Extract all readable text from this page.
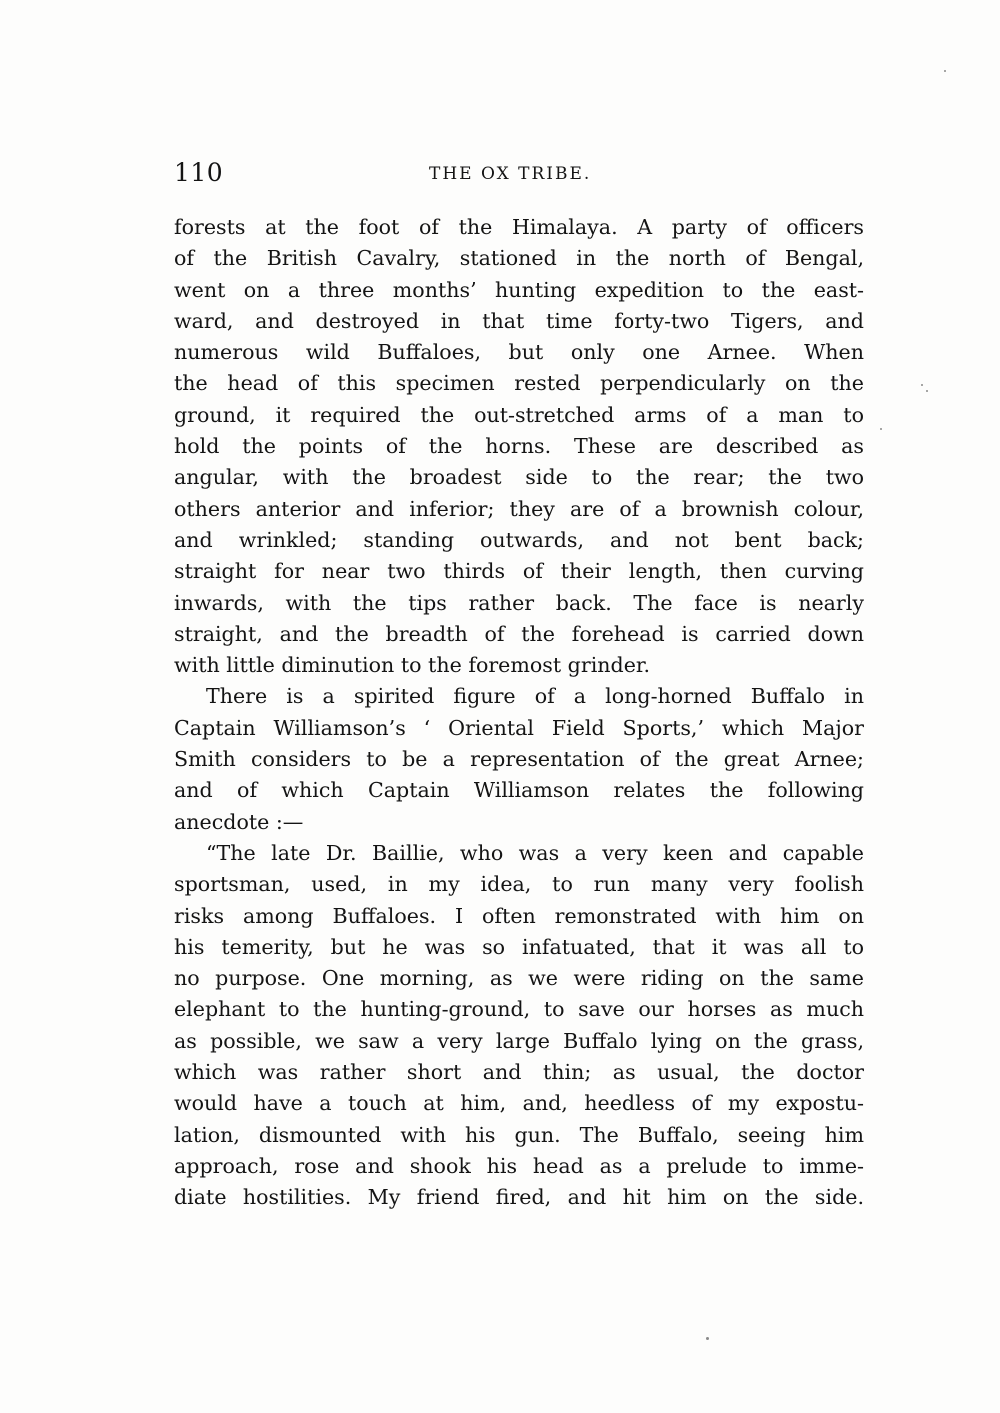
110	THE OX TRIBE.
forests at the foot of the Himalaya. A party of officers
of the British Cavalry, stationed in the north of Bengal,
went on a three months’ hunting expedition to the east-
ward, and destroyed in that time forty-two Tigers, and
numerous wild Buffaloes, but only one Arnee. When
the head of this specimen rested perpendicularly on the
ground, it required the out-stretched arms of a man to
hold the points of the horns. These are described as
angular, with the broadest side to the rear; the two
others anterior and inferior; they are of a brownish colour,
and wrinkled; standing outwards, and not bent back;
straight for near two thirds of their length, then curving
inwards, with the tips rather back. The face is nearly
straight, and the breadth of the forehead is carried down
with little diminution to the foremost grinder.
There is a spirited figure of a long-horned Buffalo in
Captain Williamson’s ‘ Oriental Field Sports,’ which Major
Smith considers to be a representation of the great Arnee;
and of which Captain Williamson relates the following
anecdote :—
“The late Dr. Baillie, who was a very keen and capable
sportsman, used, in my idea, to run many very foolish
risks among Buffaloes. I often remonstrated with him on
his temerity, but he was so infatuated, that it was all to
no purpose. One morning, as we were riding on the same
elephant to the hunting-ground, to save our horses as much
as possible, we saw a very large Buffalo lying on the grass,
which was rather short and thin; as usual, the doctor
would have a touch at him, and, heedless of my expostu-
lation, dismounted with his gun. The Buffalo, seeing him
approach, rose and shook his head as a prelude to imme-
diate hostilities. My friend fired, and hit him on the side.
